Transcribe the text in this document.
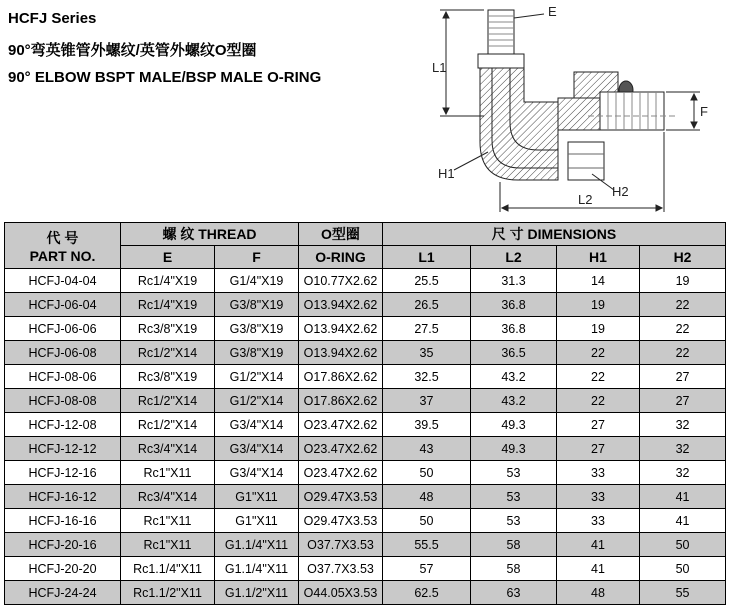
HCFJ Series
90°弯英锥管外螺纹/英管外螺纹O型圈
90° ELBOW BSPT MALE/BSP MALE O-RING
E
L1
F
H1
H2
L2
代 号
PART NO.	螺 纹 THREAD		O型圈	尺 寸 DIMENSIONS			
	E	F	O-RING	L1	L2	H1	H2
HCFJ-04-04	Rc1/4"X19	G1/4"X19	O10.77X2.62	25.5	31.3	14	19
HCFJ-06-04	Rc1/4"X19	G3/8"X19	O13.94X2.62	26.5	36.8	19	22
HCFJ-06-06	Rc3/8"X19	G3/8"X19	O13.94X2.62	27.5	36.8	19	22
HCFJ-06-08	Rc1/2"X14	G3/8"X19	O13.94X2.62	35	36.5	22	22
HCFJ-08-06	Rc3/8"X19	G1/2"X14	O17.86X2.62	32.5	43.2	22	27
HCFJ-08-08	Rc1/2"X14	G1/2"X14	O17.86X2.62	37	43.2	22	27
HCFJ-12-08	Rc1/2"X14	G3/4"X14	O23.47X2.62	39.5	49.3	27	32
HCFJ-12-12	Rc3/4"X14	G3/4"X14	O23.47X2.62	43	49.3	27	32
HCFJ-12-16	Rc1"X11	G3/4"X14	O23.47X2.62	50	53	33	32
HCFJ-16-12	Rc3/4"X14	G1"X11	O29.47X3.53	48	53	33	41
HCFJ-16-16	Rc1"X11	G1"X11	O29.47X3.53	50	53	33	41
HCFJ-20-16	Rc1"X11	G1.1/4"X11	O37.7X3.53	55.5	58	41	50
HCFJ-20-20	Rc1.1/4"X11	G1.1/4"X11	O37.7X3.53	57	58	41	50
HCFJ-24-24	Rc1.1/2"X11	G1.1/2"X11	O44.05X3.53	62.5	63	48	55
